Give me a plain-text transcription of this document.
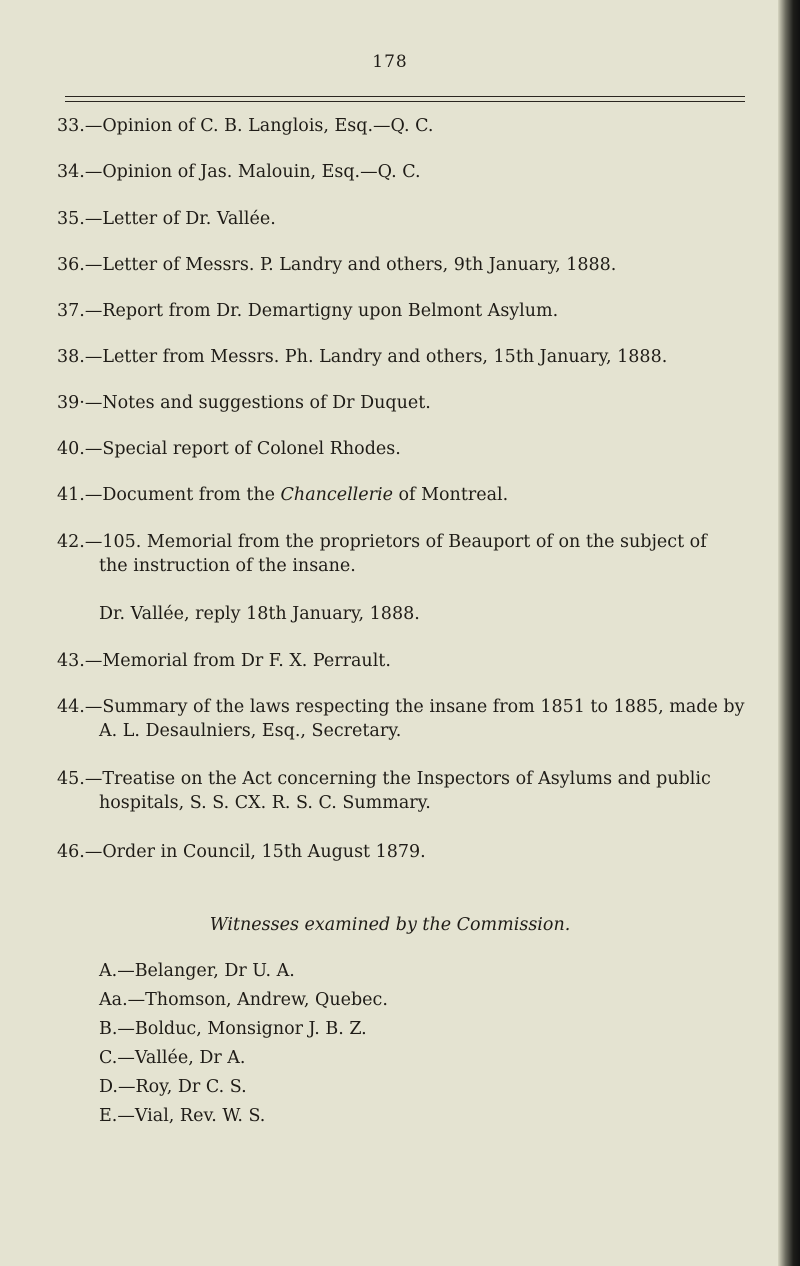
178
33.—Opinion of C. B. Langlois, Esq.—Q. C.
34.—Opinion of Jas. Malouin, Esq.—Q. C.
35.—Letter of Dr. Vallée.
36.—Letter of Messrs. P. Landry and others, 9th January, 1888.
37.—Report from Dr. Demartigny upon Belmont Asylum.
38.—Letter from Messrs. Ph. Landry and others, 15th January, 1888.
39·—Notes and suggestions of Dr Duquet.
40.—Special report of Colonel Rhodes.
41.—Document from the Chancellerie of Montreal.
42.—105. Memorial from the proprietors of Beauport of on the subject of
the instruction of the insane.
Dr. Vallée, reply 18th January, 1888.
43.—Memorial from Dr F. X. Perrault.
44.—Summary of the laws respecting the insane from 1851 to 1885, made by
A. L. Desaulniers, Esq., Secretary.
45.—Treatise on the Act concerning the Inspectors of Asylums and public
hospitals, S. S. CX. R. S. C. Summary.
46.—Order in Council, 15th August 1879.
Witnesses examined by the Commission.
A.—Belanger, Dr U. A.
Aa.—Thomson, Andrew, Quebec.
B.—Bolduc, Monsignor J. B. Z.
C.—Vallée, Dr A.
D.—Roy, Dr C. S.
E.—Vial, Rev. W. S.
